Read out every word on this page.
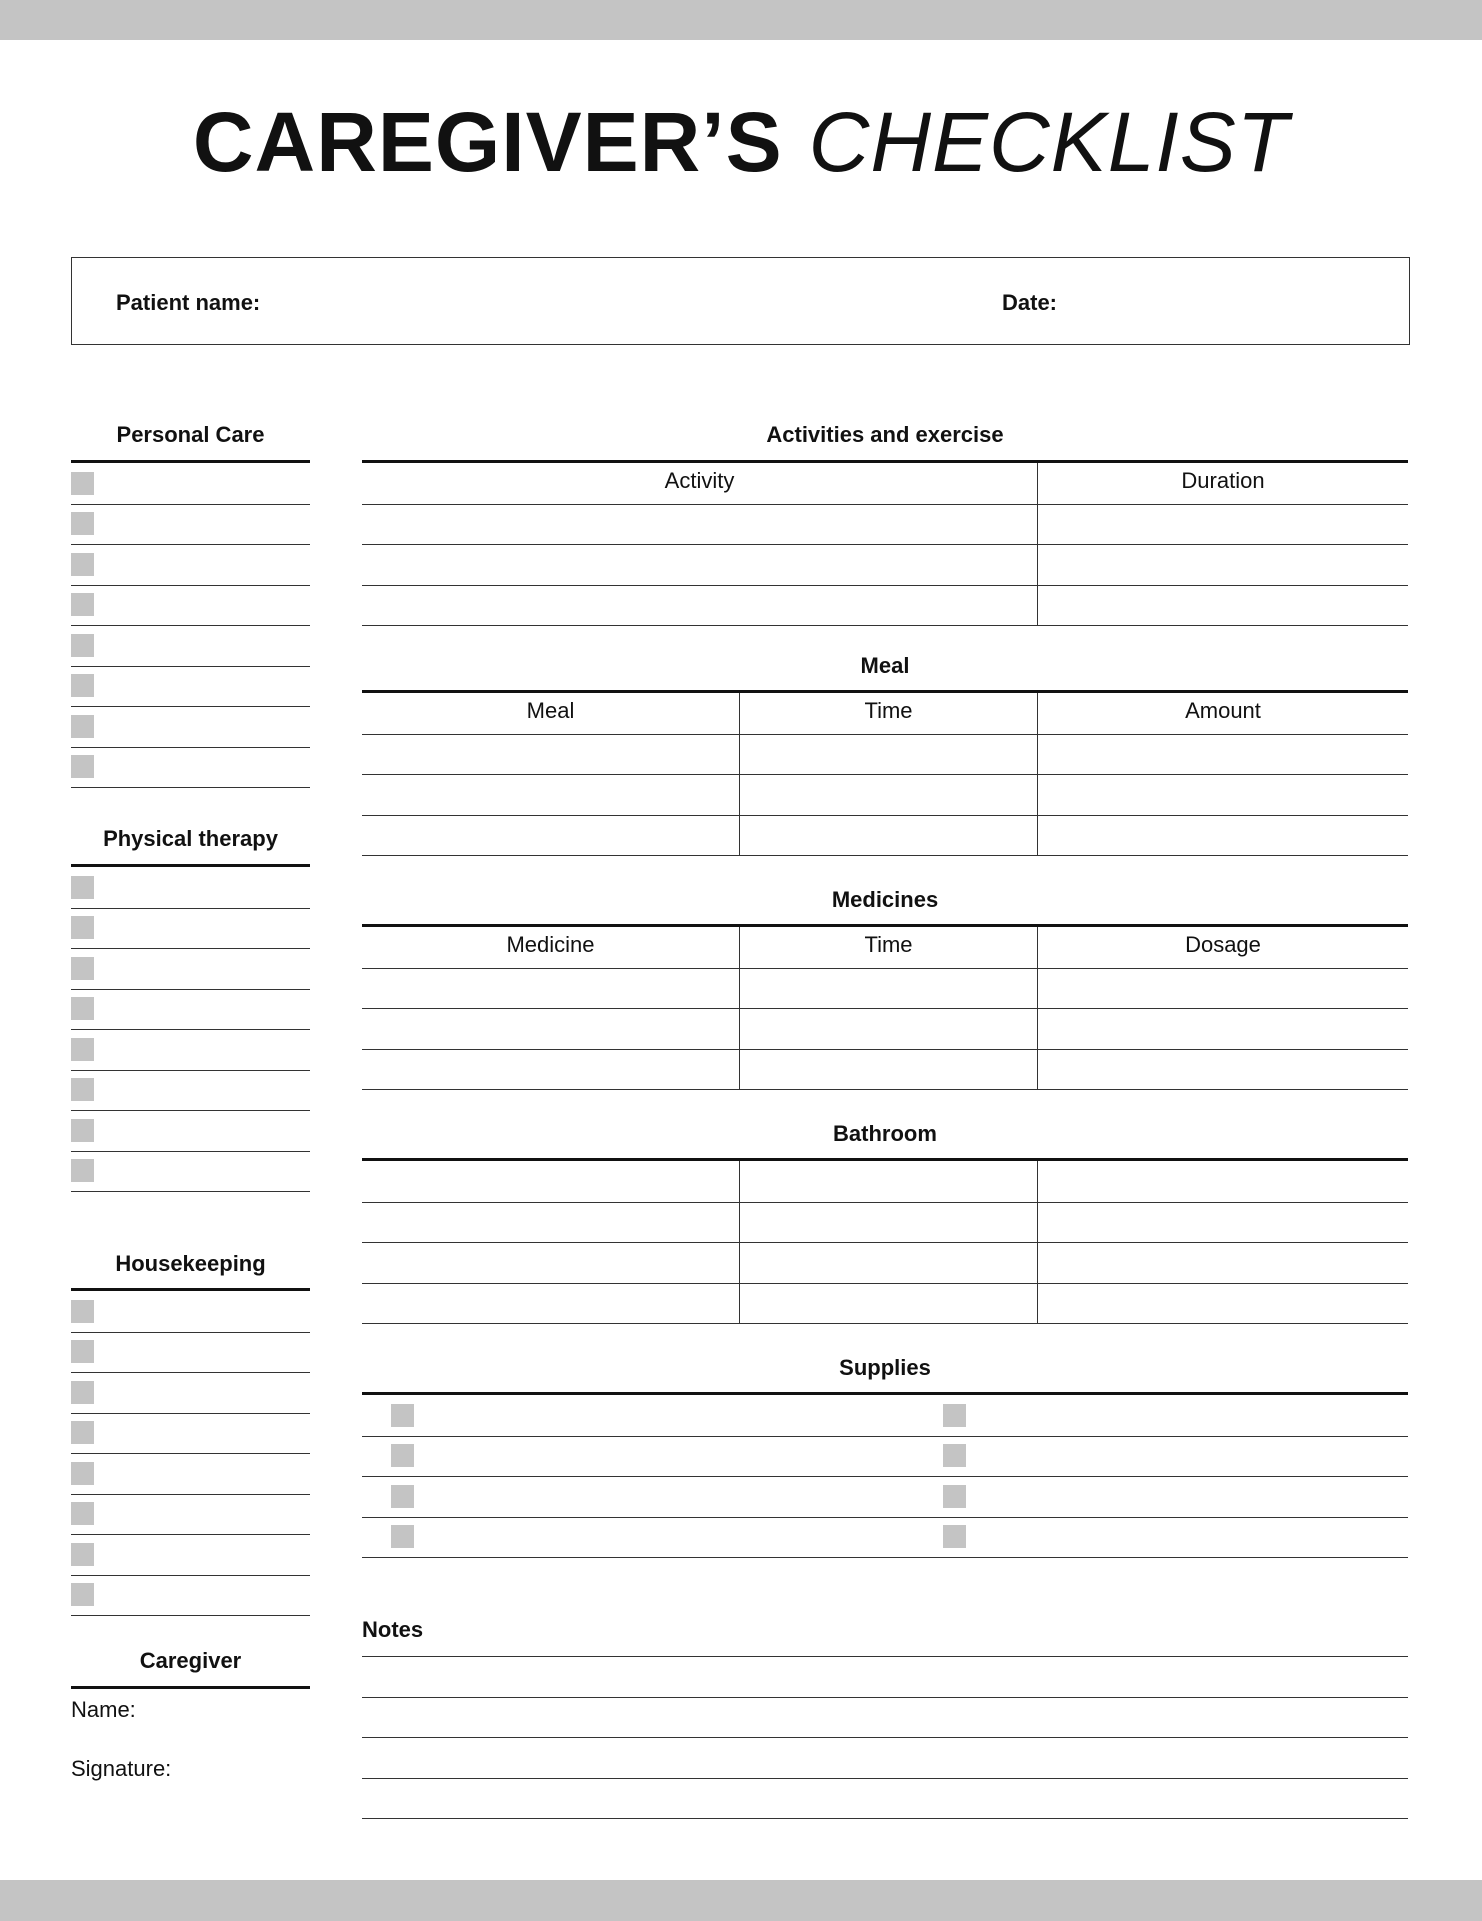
CAREGIVER’S CHECKLIST
Patient name:	Date:
Personal Care
Physical therapy
Housekeeping
Caregiver
Name:
Signature:
Activities and exercise
Activity	Duration
Meal
Meal	Time	Amount
Medicines
Medicine	Time	Dosage
Bathroom
Supplies
Notes
